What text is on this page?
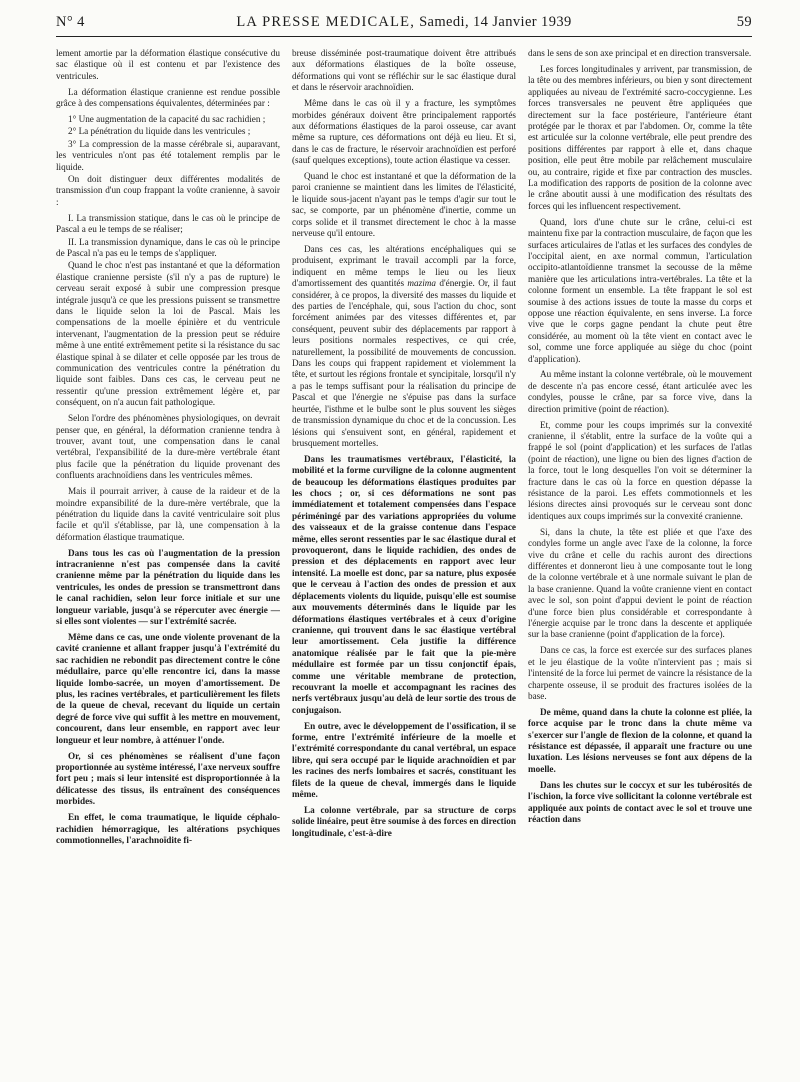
N° 4	LA PRESSE MEDICALE, Samedi, 14 Janvier 1939	59

lement amortie par la déformation élastique consécutive du sac élastique où il est contenu et par l'existence des ventricules.

La déformation élastique cranienne est rendue possible grâce à des compensations équivalentes, déterminées par :

1° Une augmentation de la capacité du sac rachidien ;

2° La pénétration du liquide dans les ventricules ;

3° La compression de la masse cérébrale si, auparavant, les ventricules n'ont pas été totalement remplis par le liquide.

On doit distinguer deux différentes modalités de transmission d'un coup frappant la voûte cranienne, à savoir :

I. La transmission statique, dans le cas où le principe de Pascal a eu le temps de se réaliser;

II. La transmission dynamique, dans le cas où le principe de Pascal n'a pas eu le temps de s'appliquer.

Quand le choc n'est pas instantané et que la déformation élastique cranienne persiste (s'il n'y a pas de rupture) le cerveau serait exposé à subir une compression presque intégrale jusqu'à ce que les pressions puissent se transmettre dans le liquide selon la loi de Pascal. Mais les compensations de la moelle épinière et du ventricule intervenant, l'augmentation de la pression peut se réduire même à une entité extrêmement petite si la résistance du sac élastique spinal à se dilater et celle opposée par les trous de communication des ventricules contre la pénétration du liquide sont faibles. Dans ces cas, le cerveau peut ne ressentir qu'une pression extrêmement légère et, par conséquent, on n'a aucun fait pathologique.

Selon l'ordre des phénomènes physiologiques, on devrait penser que, en général, la déformation cranienne tendra à trouver, avant tout, une compensation dans le canal vertébral, l'expansibilité de la dure-mère vertébrale étant plus facile que la pénétration du liquide provenant des confluents arachnoïdiens dans les ventricules mêmes.

Mais il pourrait arriver, à cause de la raideur et de la moindre expansibilité de la dure-mère vertébrale, que la pénétration du liquide dans la cavité ventriculaire soit plus facile et qu'il s'établisse, par là, une compensation à la déformation élastique traumatique.

Dans tous les cas où l'augmentation de la pression intracranienne n'est pas compensée dans la cavité cranienne même par la pénétration du liquide dans les ventricules, les ondes de pression se transmettront dans le canal rachidien, selon leur force initiale et sur une longueur variable, jusqu'à se répercuter avec énergie — si elles sont violentes — sur l'extrémité sacrée.

Même dans ce cas, une onde violente provenant de la cavité cranienne et allant frapper jusqu'à l'extrémité du sac rachidien ne rebondit pas directement contre le cône médullaire, parce qu'elle rencontre ici, dans la masse liquide lombo-sacrée, un moyen d'amortissement. De plus, les racines vertébrales, et particulièrement les filets de la queue de cheval, recevant du liquide un certain degré de force vive qui suffit à les mettre en mouvement, concourent, dans leur ensemble, en rapport avec leur longueur et leur nombre, à atténuer l'onde.

Or, si ces phénomènes se réalisent d'une façon proportionnée au système intéressé, l'axe nerveux souffre fort peu ; mais si leur intensité est disproportionnée à la délicatesse des tissus, ils entraînent des conséquences morbides.

En effet, le coma traumatique, le liquide céphalo-rachidien hémorragique, les altérations psychiques commotionnelles, l'arachnoïdite fi-

breuse disséminée post-traumatique doivent être attribués aux déformations élastiques de la boîte osseuse, déformations qui vont se réfléchir sur le sac élastique dural et dans le réservoir arachnoïdien.

Même dans le cas où il y a fracture, les symptômes morbides généraux doivent être principalement rapportés aux déformations élastiques de la paroi osseuse, car avant même sa rupture, ces déformations ont déjà eu lieu. Et si, dans le cas de fracture, le réservoir arachnoïdien est perforé (sauf quelques exceptions), toute action élastique va cesser.

Quand le choc est instantané et que la déformation de la paroi cranienne se maintient dans les limites de l'élasticité, le liquide sous-jacent n'ayant pas le temps d'agir sur tout le sac, se comporte, par un phénomène d'inertie, comme un corps solide et il transmet directement le choc à la masse nerveuse qu'il entoure.

Dans ces cas, les altérations encéphaliques qui se produisent, exprimant le travail accompli par la force, indiquent en même temps le lieu ou les lieux d'amortissement des quantités mazima d'énergie. Or, il faut considérer, à ce propos, la diversité des masses du liquide et des parties de l'encéphale, qui, sous l'action du choc, sont forcément animées par des vitesses différentes et, par conséquent, peuvent subir des déplacements par rapport à leurs positions normales respectives, ce qui crée, naturellement, la possibilité de mouvements de concussion. Dans les coups qui frappent rapidement et violemment la tête, et surtout les régions frontale et syncipitale, lorsqu'il n'y a pas le temps suffisant pour la réalisation du principe de Pascal et que l'énergie ne s'épuise pas dans la surface heurtée, l'isthme et le bulbe sont le plus souvent les sièges de transmission dynamique du choc et de la concussion. Les lésions qui s'ensuivent sont, en général, rapidement et brusquement mortelles.

Dans les traumatismes vertébraux, l'élasticité, la mobilité et la forme curviligne de la colonne augmentent de beaucoup les déformations élastiques produites par les chocs ; or, si ces déformations ne sont pas immédiatement et totalement compensées dans l'espace périméningé par des variations appropriées du volume des vaisseaux et de la graisse contenue dans l'espace même, elles seront ressenties par le sac élastique dural et provoqueront, dans le liquide rachidien, des ondes de pression et des déplacements en rapport avec leur intensité. La moelle est donc, par sa nature, plus exposée que le cerveau à l'action des ondes de pression et aux déplacements violents du liquide, puisqu'elle est soumise aux mouvements déterminés dans le liquide par les déformations élastiques vertébrales et à ceux d'origine cranienne, qui trouvent dans le sac élastique vertébral leur amortissement. Cela justifie la différence anatomique réalisée par le fait que la pie-mère médullaire est formée par un tissu conjonctif épais, comme une véritable membrane de protection, recouvrant la moelle et accompagnant les racines des nerfs vertébraux jusqu'au delà de leur sortie des trous de conjugaison.

En outre, avec le développement de l'ossification, il se forme, entre l'extrémité inférieure de la moelle et l'extrémité correspondante du canal vertébral, un espace libre, qui sera occupé par le liquide arachnoïdien et par les racines des nerfs lombaires et sacrés, constituant les filets de la queue de cheval, immergés dans le liquide même.

La colonne vertébrale, par sa structure de corps solide linéaire, peut être soumise à des forces en direction longitudinale, c'est-à-dire

dans le sens de son axe principal et en direction transversale.

Les forces longitudinales y arrivent, par transmission, de la tête ou des membres inférieurs, ou bien y sont directement appliquées au niveau de l'extrémité sacro-coccygienne. Les forces transversales ne peuvent être appliquées que directement sur la face postérieure, l'antérieure étant protégée par le thorax et par l'abdomen. Or, comme la tête est articulée sur la colonne vertébrale, elle peut prendre des positions différentes par rapport à elle et, dans chaque position, elle peut être mobile par relâchement musculaire ou, au contraire, rigide et fixe par contraction des muscles. La modification des rapports de position de la colonne avec le crâne aboutit aussi à une modification des résultats des forces qui les influencent respectivement.

Quand, lors d'une chute sur le crâne, celui-ci est maintenu fixe par la contraction musculaire, de façon que les surfaces articulaires de l'atlas et les surfaces des condyles de l'occipital aient, en axe normal commun, l'articulation occipito-atlantoïdienne transmet la secousse de la même manière que les articulations intra-vertébrales. La tête et la colonne forment un ensemble. La tête frappant le sol est soumise à des actions issues de toute la masse du corps et oppose une réaction équivalente, en sens inverse. La force vive que le corps gagne pendant la chute peut être considérée, au moment où la tête vient en contact avec le sol, comme une force appliquée au siège du choc (point d'application).

Au même instant la colonne vertébrale, où le mouvement de descente n'a pas encore cessé, étant articulée avec les condyles, pousse le crâne, par sa force vive, dans la direction primitive (point de réaction).

Et, comme pour les coups imprimés sur la convexité cranienne, il s'établit, entre la surface de la voûte qui a frappé le sol (point d'application) et les surfaces de l'atlas (point de réaction), une ligne ou bien des lignes d'action de la force, tout le long desquelles l'on voit se déterminer la fracture dans le cas où la force en question dépasse la résistance de la paroi. Les effets commotionnels et les lésions directes ainsi provoqués sur le cerveau sont donc identiques aux coups imprimés sur la convexité cranienne.

Si, dans la chute, la tête est pliée et que l'axe des condyles forme un angle avec l'axe de la colonne, la force vive du crâne et celle du rachis auront des directions différentes et donneront lieu à une composante tout le long de la colonne vertébrale et à une normale suivant le plan de la base cranienne. Quand la voûte cranienne vient en contact avec le sol, son point d'appui devient le point de réaction d'une force bien plus considérable et correspondante à l'énergie acquise par le tronc dans la descente et appliquée sur la base cranienne (point d'application de la force).

Dans ce cas, la force est exercée sur des surfaces planes et le jeu élastique de la voûte n'intervient pas ; mais si l'intensité de la force lui permet de vaincre la résistance de la charpente osseuse, il se produit des fractures isolées de la base.

De même, quand dans la chute la colonne est pliée, la force acquise par le tronc dans la chute même va s'exercer sur l'angle de flexion de la colonne, et quand la résistance est dépassée, il apparaît une fracture ou une luxation. Les lésions nerveuses se font aux dépens de la moelle.

Dans les chutes sur le coccyx et sur les tubérosités de l'ischion, la force vive sollicitant la colonne vertébrale est appliquée aux points de contact avec le sol et trouve une réaction dans
